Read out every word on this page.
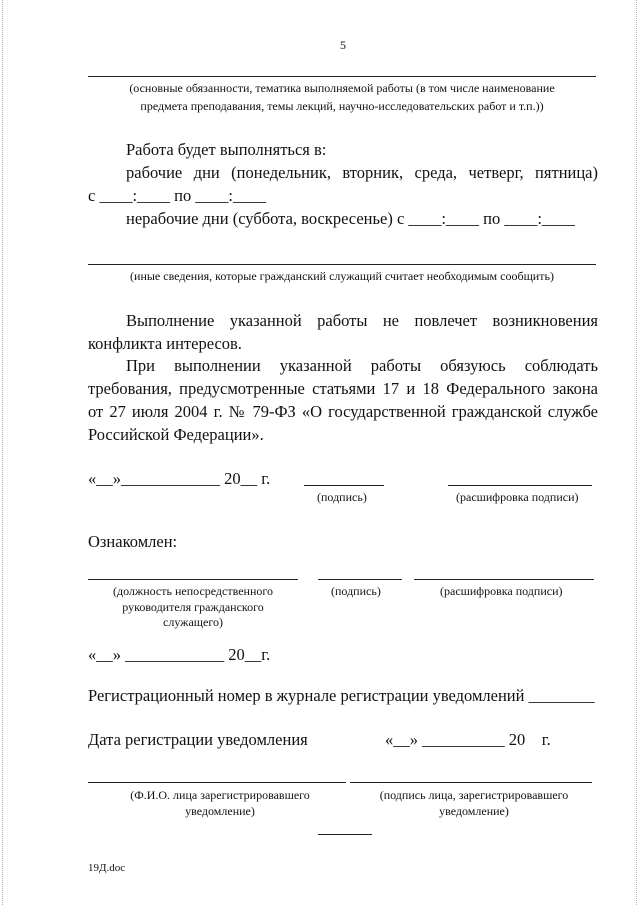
5
(основные обязанности, тематика выполняемой работы (в том числе наименование
предмета преподавания, темы лекций, научно-исследовательских работ и т.п.))
Работа будет выполняться в:
рабочие дни (понедельник, вторник, среда, четверг, пятница)
с ____:____ по ____:____
нерабочие дни (суббота, воскресенье) с ____:____ по ____:____
(иные сведения, которые гражданский служащий считает необходимым сообщить)
Выполнение указанной работы не повлечет возникновения
конфликта интересов.
При выполнении указанной работы обязуюсь соблюдать
требования, предусмотренные статьями 17 и 18 Федерального закона
от 27 июля 2004 г. № 79-ФЗ «О государственной гражданской службе
Российской Федерации».
«__»____________ 20__ г.
(подпись)	(расшифровка подписи)
Ознакомлен:
(должность непосредственного
руководителя гражданского
служащего)
(подпись)	(расшифровка подписи)
«__» ____________ 20__г.
Регистрационный номер в журнале регистрации уведомлений ________
Дата регистрации уведомления	«__» __________ 20    г.
(Ф.И.О. лица зарегистрировавшего
уведомление)
(подпись лица, зарегистрировавшего
уведомление)
19Д.doc
